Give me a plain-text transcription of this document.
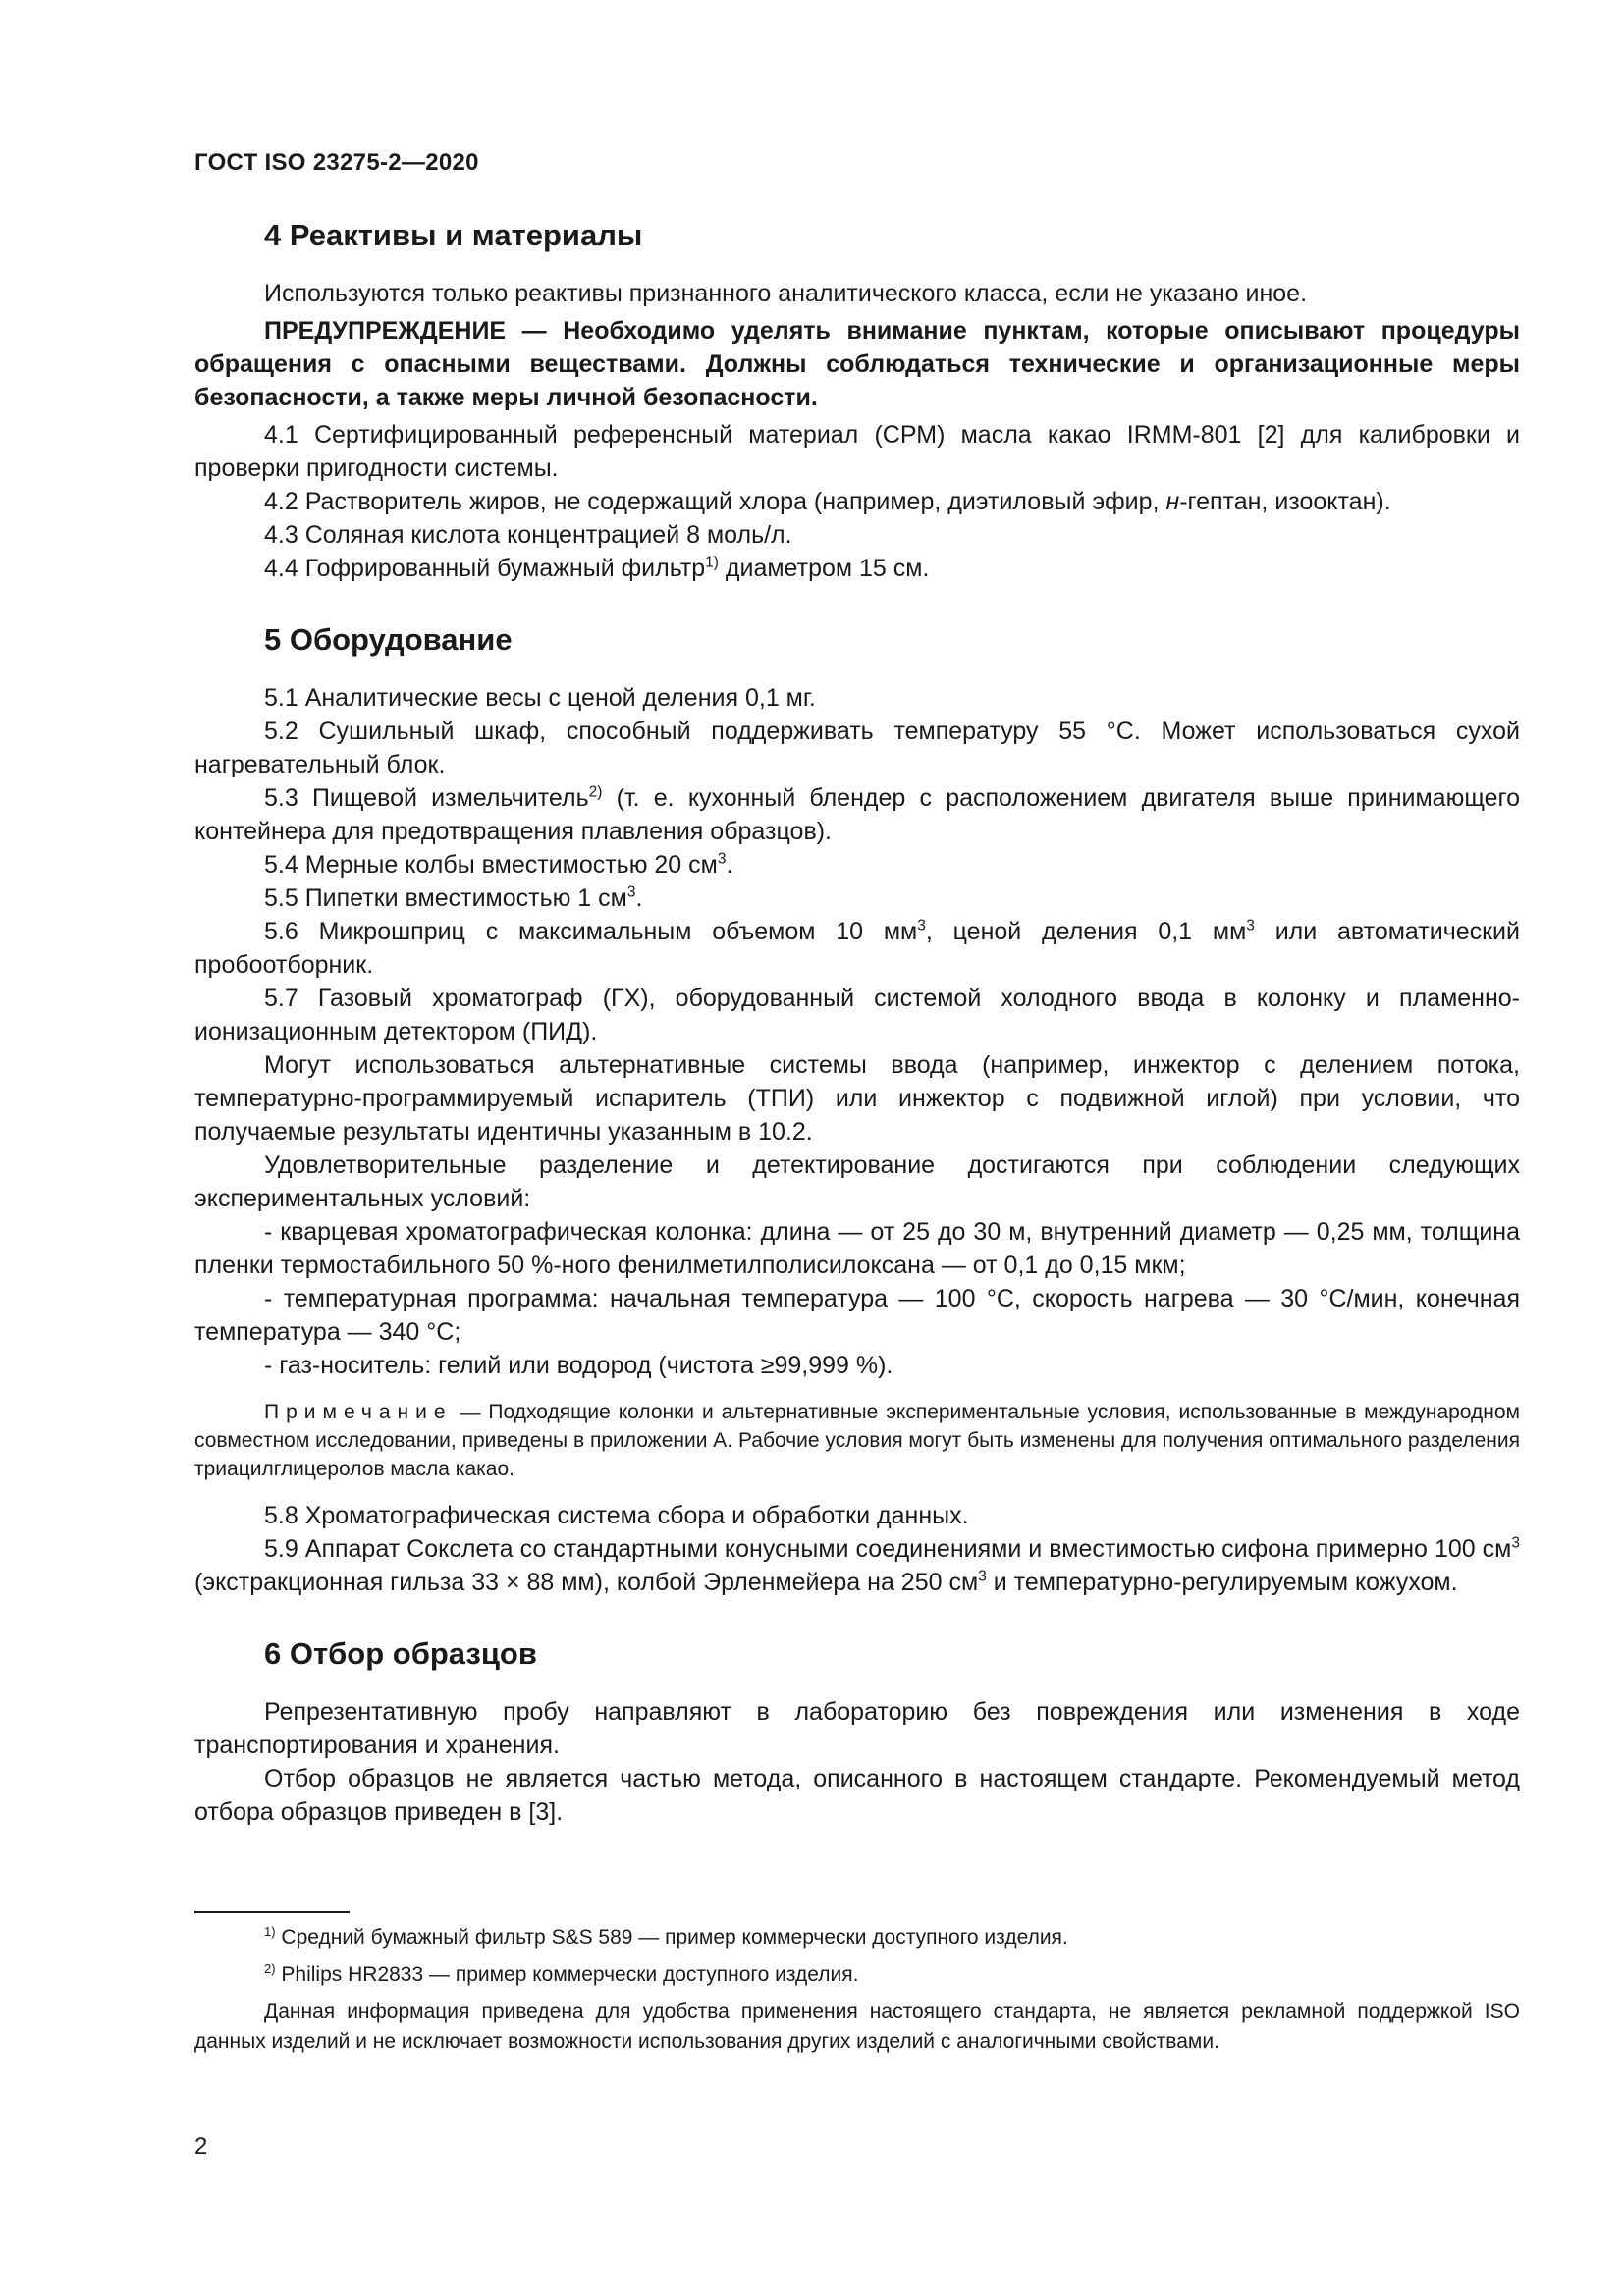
ГОСТ ISO 23275-2—2020
4 Реактивы и материалы

Используются только реактивы признанного аналитического класса, если не указано иное.

ПРЕДУПРЕЖДЕНИЕ — Необходимо уделять внимание пунктам, которые описывают процедуры обращения с опасными веществами. Должны соблюдаться технические и организационные меры безопасности, а также меры личной безопасности.

4.1 Сертифицированный референсный материал (СРМ) масла какао IRMM-801 [2] для калибровки и проверки пригодности системы.

4.2 Растворитель жиров, не содержащий хлора (например, диэтиловый эфир, н-гептан, изооктан).

4.3 Соляная кислота концентрацией 8 моль/л.

4.4 Гофрированный бумажный фильтр$^{1)}$ диаметром 15 см.

5 Оборудование

5.1 Аналитические весы с ценой деления 0,1 мг.

5.2 Сушильный шкаф, способный поддерживать температуру 55 °С. Может использоваться сухой нагревательный блок.

5.3 Пищевой измельчитель$^{2)}$ (т. е. кухонный блендер с расположением двигателя выше принимающего контейнера для предотвращения плавления образцов).

5.4 Мерные колбы вместимостью 20 $см^3$.

5.5 Пипетки вместимостью 1 $см^3$.

5.6 Микрошприц с максимальным объемом 10 $мм^3$, ценой деления 0,1 $мм^3$ или автоматический пробоотборник.

5.7 Газовый хроматограф (ГХ), оборудованный системой холодного ввода в колонку и пламенно-ионизационным детектором (ПИД).

Могут использоваться альтернативные системы ввода (например, инжектор с делением потока, температурно-программируемый испаритель (ТПИ) или инжектор с подвижной иглой) при условии, что получаемые результаты идентичны указанным в 10.2.

Удовлетворительные разделение и детектирование достигаются при соблюдении следующих экспериментальных условий:

- кварцевая хроматографическая колонка: длина — от 25 до 30 м, внутренний диаметр — 0,25 мм, толщина пленки термостабильного 50 %-ного фенилметилполисилоксана — от 0,1 до 0,15 мкм;

- температурная программа: начальная температура — 100 °С, скорость нагрева — 30 °С/мин, конечная температура — 340 °С;

- газ-носитель: гелий или водород (чистота ≥99,999 %).

Примечание — Подходящие колонки и альтернативные экспериментальные условия, использованные в международном совместном исследовании, приведены в приложении А. Рабочие условия могут быть изменены для получения оптимального разделения триацилглицеролов масла какао.

5.8 Хроматографическая система сбора и обработки данных.

5.9 Аппарат Сокслета со стандартными конусными соединениями и вместимостью сифона примерно 100 $см^3$ (экстракционная гильза 33 × 88 мм), колбой Эрленмейера на 250 $см^3$ и температурно-регулируемым кожухом.

6 Отбор образцов

Репрезентативную пробу направляют в лабораторию без повреждения или изменения в ходе транспортирования и хранения.

Отбор образцов не является частью метода, описанного в настоящем стандарте. Рекомендуемый метод отбора образцов приведен в [3].

$^{1)}$ Средний бумажный фильтр S&S 589 — пример коммерчески доступного изделия.

$^{2)}$ Philips HR2833 — пример коммерчески доступного изделия.

Данная информация приведена для удобства применения настоящего стандарта, не является рекламной поддержкой ISO данных изделий и не исключает возможности использования других изделий с аналогичными свойствами.

2
